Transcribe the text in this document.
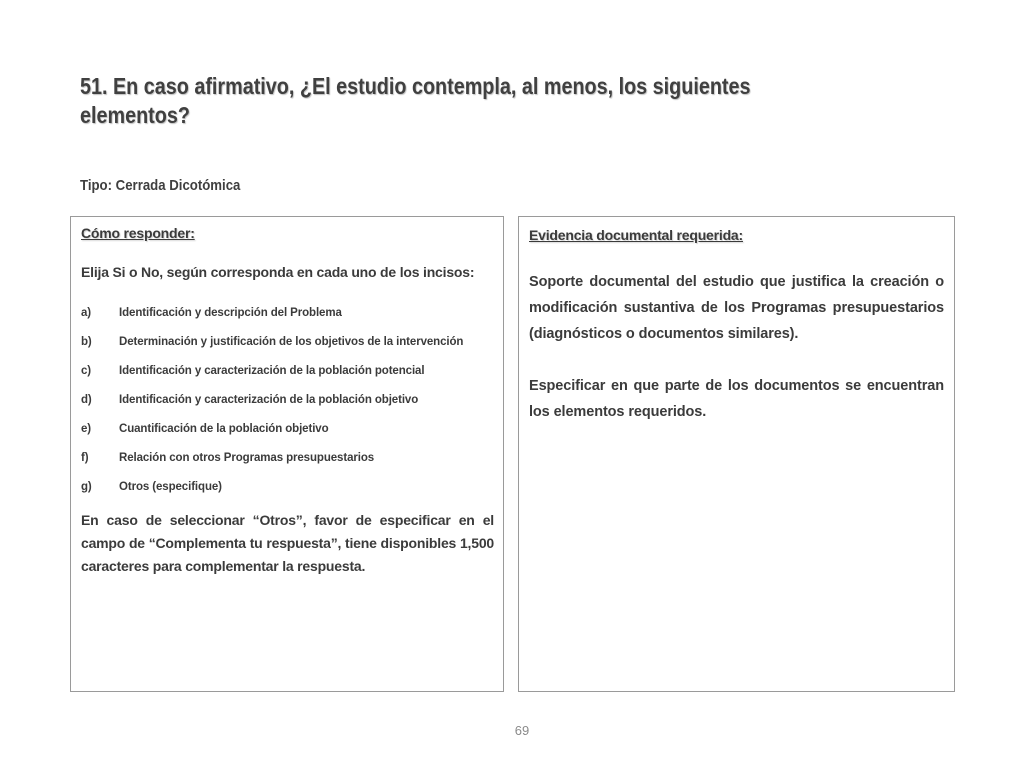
51. En caso afirmativo, ¿El estudio contempla, al menos, los siguientes elementos?
Tipo: Cerrada Dicotómica
Cómo responder:
Elija Si o No, según corresponda en cada uno de los incisos:
a)	Identificación y descripción del Problema
b)	Determinación y justificación de los objetivos de la intervención
c)	Identificación y caracterización de la población potencial
d)	Identificación y caracterización de la población objetivo
e)	Cuantificación de la población objetivo
f)	Relación con otros Programas presupuestarios
g)	Otros (especifique)
En caso de seleccionar “Otros”, favor de especificar en el campo de “Complementa tu respuesta”, tiene disponibles 1,500 caracteres para complementar la respuesta.
Evidencia documental requerida:
Soporte documental del estudio que justifica la creación o modificación sustantiva de los Programas presupuestarios (diagnósticos o documentos similares).
Especificar en que parte de los documentos se encuentran los elementos requeridos.
69
